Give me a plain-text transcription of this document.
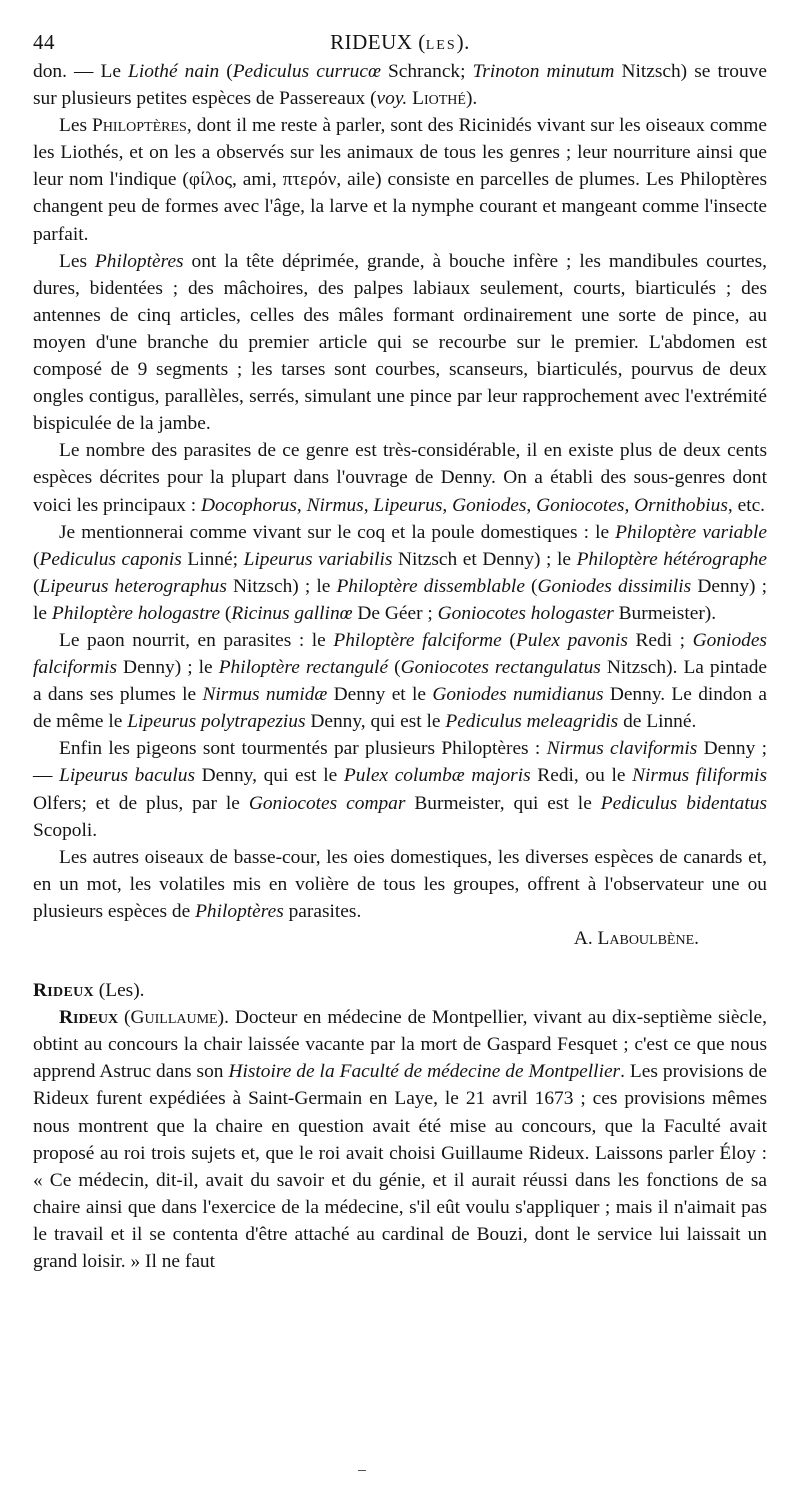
44	RIDEUX (LES).

don. — Le Liothé nain (Pediculus currucœ Schranck; Trinoton minutum Nitzsch) se trouve sur plusieurs petites espèces de Passereaux (voy. Liothé).

Les Philoptères, dont il me reste à parler, sont des Ricinidés vivant sur les oiseaux comme les Liothés, et on les a observés sur les animaux de tous les genres ; leur nourriture ainsi que leur nom l'indique (φίλος, ami, πτερόν, aile) consiste en parcelles de plumes. Les Philoptères changent peu de formes avec l'âge, la larve et la nymphe courant et mangeant comme l'insecte parfait.

Les Philoptères ont la tête déprimée, grande, à bouche infère ; les mandibules courtes, dures, bidentées ; des mâchoires, des palpes labiaux seulement, courts, biarticulés ; des antennes de cinq articles, celles des mâles formant ordinairement une sorte de pince, au moyen d'une branche du premier article qui se recourbe sur le premier. L'abdomen est composé de 9 segments ; les tarses sont courbes, scanseurs, biarticulés, pourvus de deux ongles contigus, parallèles, serrés, simulant une pince par leur rapprochement avec l'extrémité bispiculée de la jambe.

Le nombre des parasites de ce genre est très-considérable, il en existe plus de deux cents espèces décrites pour la plupart dans l'ouvrage de Denny. On a établi des sous-genres dont voici les principaux : Docophorus, Nirmus, Lipeurus, Goniodes, Goniocotes, Ornithobius, etc.

Je mentionnerai comme vivant sur le coq et la poule domestiques : le Philoptère variable (Pediculus caponis Linné; Lipeurus variabilis Nitzsch et Denny) ; le Philoptère hétérographe (Lipeurus heterographus Nitzsch) ; le Philoptère dissemblable (Goniodes dissimilis Denny) ; le Philoptère hologastre (Ricinus gallinœ De Géer ; Goniocotes hologaster Burmeister).

Le paon nourrit, en parasites : le Philoptère falciforme (Pulex pavonis Redi ; Goniodes falciformis Denny) ; le Philoptère rectangulé (Goniocotes rectangulatus Nitzsch). La pintade a dans ses plumes le Nirmus numidæ Denny et le Goniodes numidianus Denny. Le dindon a de même le Lipeurus polytrapezius Denny, qui est le Pediculus meleagridis de Linné.

Enfin les pigeons sont tourmentés par plusieurs Philoptères : Nirmus claviformis Denny ; — Lipeurus baculus Denny, qui est le Pulex columbæ majoris Redi, ou le Nirmus filiformis Olfers; et de plus, par le Goniocotes compar Burmeister, qui est le Pediculus bidentatus Scopoli.

Les autres oiseaux de basse-cour, les oies domestiques, les diverses espèces de canards et, en un mot, les volatiles mis en volière de tous les groupes, offrent à l'observateur une ou plusieurs espèces de Philoptères parasites.

A. Laboulbène.

Rideux (Les).

Rideux (Guillaume). Docteur en médecine de Montpellier, vivant au dix-septième siècle, obtint au concours la chair laissée vacante par la mort de Gaspard Fesquet ; c'est ce que nous apprend Astruc dans son Histoire de la Faculté de médecine de Montpellier. Les provisions de Rideux furent expédiées à Saint-Germain en Laye, le 21 avril 1673 ; ces provisions mêmes nous montrent que la chaire en question avait été mise au concours, que la Faculté avait proposé au roi trois sujets et, que le roi avait choisi Guillaume Rideux. Laissons parler Éloy : « Ce médecin, dit-il, avait du savoir et du génie, et il aurait réussi dans les fonctions de sa chaire ainsi que dans l'exercice de la médecine, s'il eût voulu s'appliquer ; mais il n'aimait pas le travail et il se contenta d'être attaché au cardinal de Bouzi, dont le service lui laissait un grand loisir. » Il ne faut
